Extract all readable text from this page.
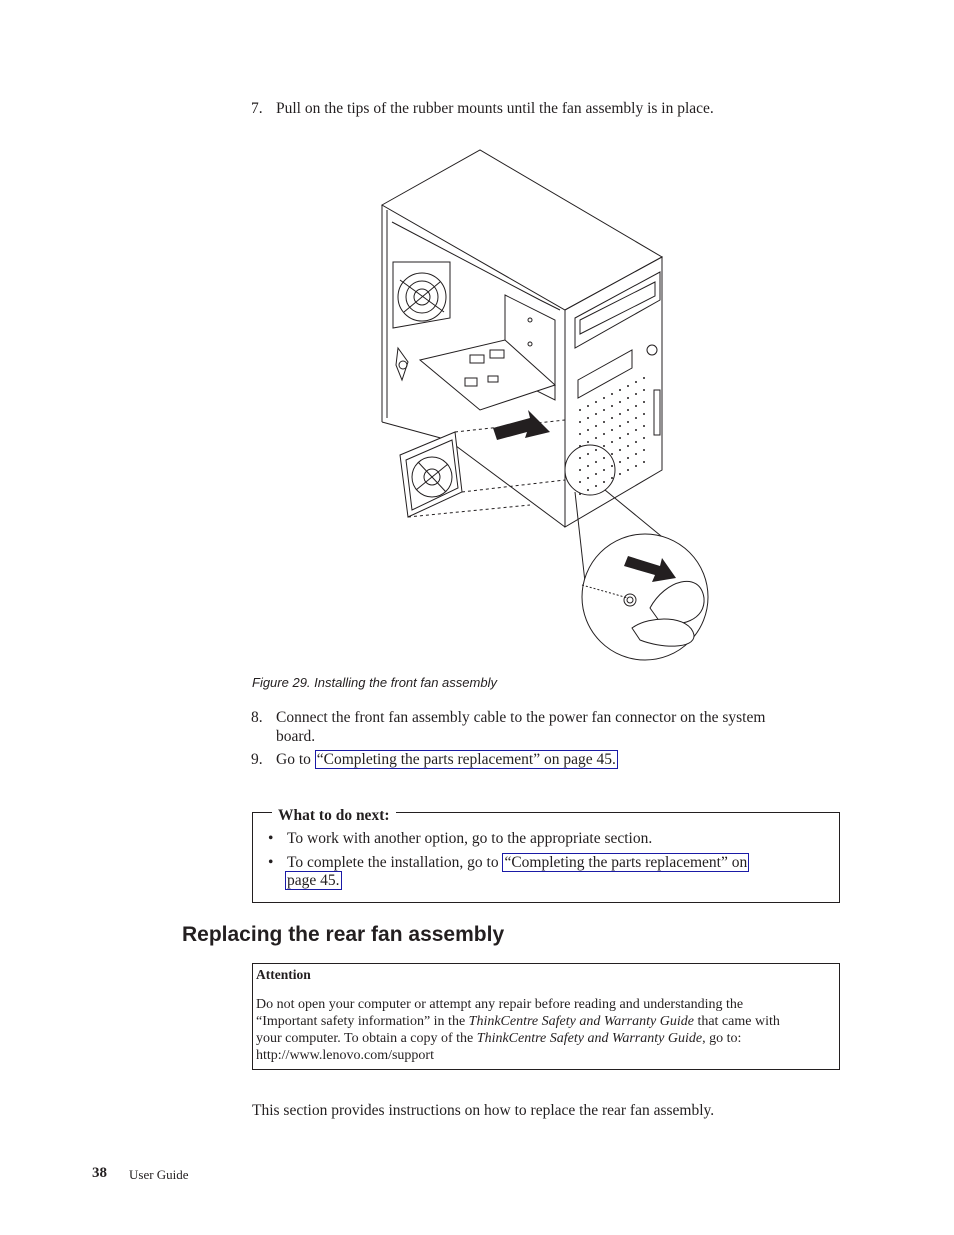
7. Pull on the tips of the rubber mounts until the fan assembly is in place.
Figure 29. Installing the front fan assembly
8. Connect the front fan assembly cable to the power fan connector on the system
board.
9. Go to “Completing the parts replacement” on page 45.
What to do next:
• To work with another option, go to the appropriate section.
• To complete the installation, go to “Completing the parts replacement” on
page 45.
Replacing the rear fan assembly
Attention
Do not open your computer or attempt any repair before reading and understanding the
“Important safety information” in the ThinkCentre Safety and Warranty Guide that came with
your computer. To obtain a copy of the ThinkCentre Safety and Warranty Guide, go to:
http://www.lenovo.com/support
This section provides instructions on how to replace the rear fan assembly.
38 User Guide
